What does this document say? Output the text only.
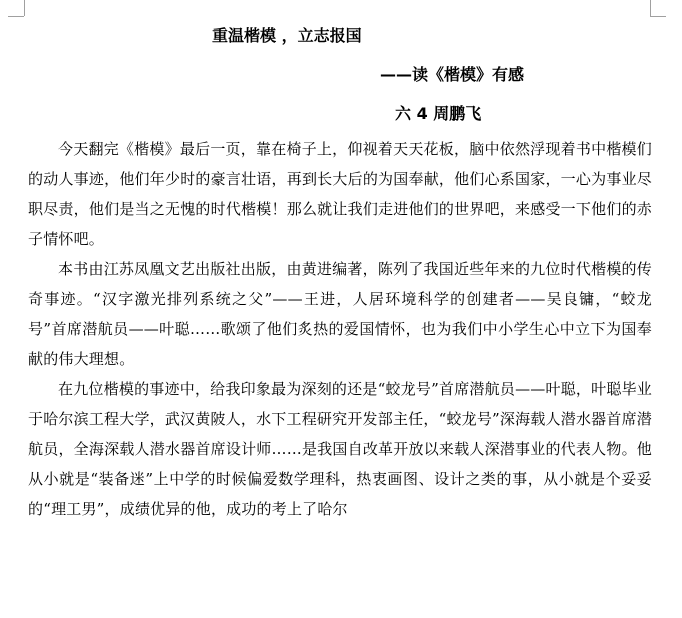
重温楷模 ，立志报国
——读《楷模》有感
六 4 周鹏飞

今天翻完《楷模》最后一页，靠在椅子上，仰视着天天花板，脑中依然浮现着书中楷模们的动人事迹，他们年少时的豪言壮语，再到长大后的为国奉献，他们心系国家，一心为事业尽职尽责，他们是当之无愧的时代楷模！那么就让我们走进他们的世界吧，来感受一下他们的赤子情怀吧。

本书由江苏凤凰文艺出版社出版，由黄进编著，陈列了我国近些年来的九位时代楷模的传奇事迹。“汉字激光排列系统之父”——王进，人居环境科学的创建者——吴良镛，“蛟龙号”首席潜航员——叶聪……歌颂了他们炙热的爱国情怀，也为我们中小学生心中立下为国奉献的伟大理想。

在九位楷模的事迹中，给我印象最为深刻的还是“蛟龙号”首席潜航员——叶聪，叶聪毕业于哈尔滨工程大学，武汉黄陂人，水下工程研究开发部主任，“蛟龙号”深海载人潜水器首席潜航员，全海深载人潜水器首席设计师……是我国自改革开放以来载人深潜事业的代表人物。他从小就是“装备迷”上中学的时候偏爱数学理科，热衷画图、设计之类的事，从小就是个妥妥的“理工男”，成绩优异的他，成功的考上了哈尔
